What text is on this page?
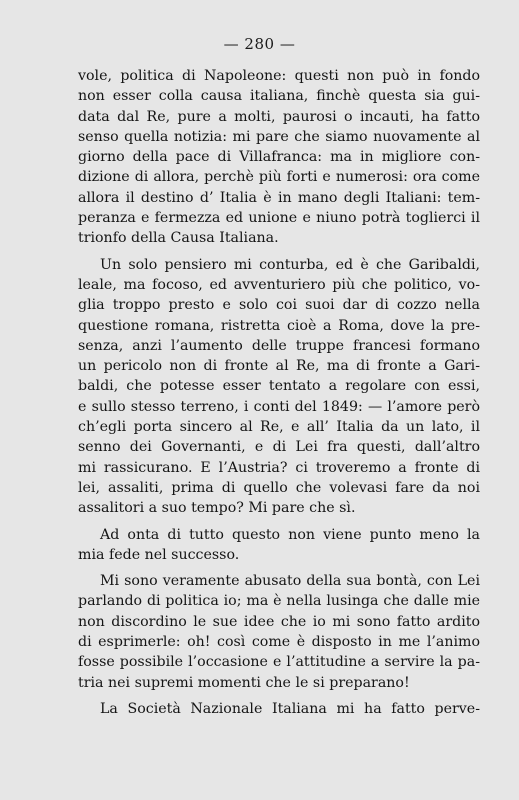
— 280 —
vole, politica di Napoleone: questi non può in fondo
non esser colla causa italiana, finchè questa sia gui-
data dal Re, pure a molti, paurosi o incauti, ha fatto
senso quella notizia: mi pare che siamo nuovamente al
giorno della pace di Villafranca: ma in migliore con-
dizione di allora, perchè più forti e numerosi: ora come
allora il destino d’ Italia è in mano degli Italiani: tem-
peranza e fermezza ed unione e niuno potrà toglierci il
trionfo della Causa Italiana.
Un solo pensiero mi conturba, ed è che Garibaldi,
leale, ma focoso, ed avventuriero più che politico, vo-
glia troppo presto e solo coi suoi dar di cozzo nella
questione romana, ristretta cioè a Roma, dove la pre-
senza, anzi l’aumento delle truppe francesi formano
un pericolo non di fronte al Re, ma di fronte a Gari-
baldi, che potesse esser tentato a regolare con essi,
e sullo stesso terreno, i conti del 1849: — l’amore però
ch’egli porta sincero al Re, e all’ Italia da un lato, il
senno dei Governanti, e di Lei fra questi, dall’altro
mi rassicurano. E l’Austria? ci troveremo a fronte di
lei, assaliti, prima di quello che volevasi fare da noi
assalitori a suo tempo? Mi pare che sì.
Ad onta di tutto questo non viene punto meno la
mia fede nel successo.
Mi sono veramente abusato della sua bontà, con Lei
parlando di politica io; ma è nella lusinga che dalle mie
non discordino le sue idee che io mi sono fatto ardito
di esprimerle: oh! così come è disposto in me l’animo
fosse possibile l’occasione e l’attitudine a servire la pa-
tria nei supremi momenti che le si preparano!
La Società Nazionale Italiana mi ha fatto perve-
